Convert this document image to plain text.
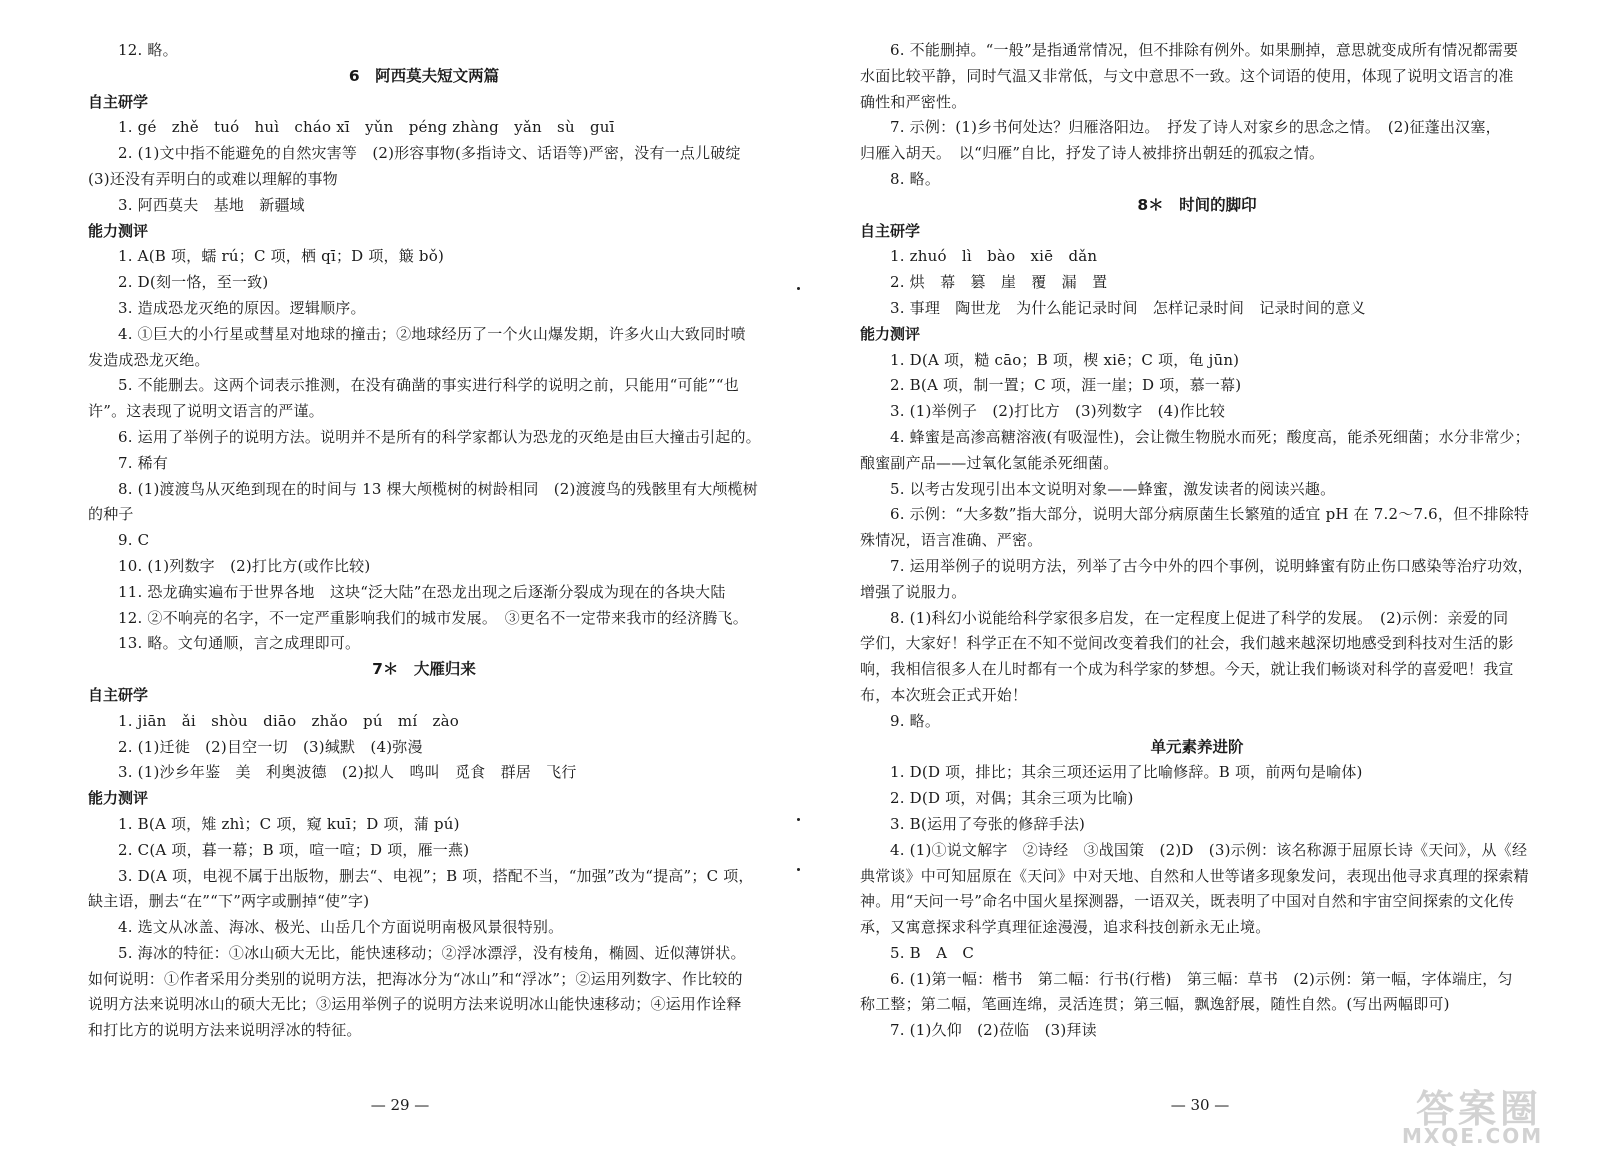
12. 略。
6　阿西莫夫短文两篇
自主研学
1. gé　zhě　tuó　huì　cháo xī　yǔn　péng zhàng　yǎn　sù　guī
2. (1)文中指不能避免的自然灾害等　(2)形容事物(多指诗文、话语等)严密，没有一点儿破绽
(3)还没有弄明白的或难以理解的事物
3. 阿西莫夫　基地　新疆域
能力测评
1. A(B 项，蠕 rú；C 项，栖 qī；D 项，簸 bǒ)
2. D(刻一恪，至一致)
3. 造成恐龙灭绝的原因。逻辑顺序。
4. ①巨大的小行星或彗星对地球的撞击；②地球经历了一个火山爆发期，许多火山大致同时喷
发造成恐龙灭绝。
5. 不能删去。这两个词表示推测，在没有确凿的事实进行科学的说明之前，只能用“可能”“也
许”。这表现了说明文语言的严谨。
6. 运用了举例子的说明方法。说明并不是所有的科学家都认为恐龙的灭绝是由巨大撞击引起的。
7. 稀有
8. (1)渡渡鸟从灭绝到现在的时间与 13 棵大颅榄树的树龄相同　(2)渡渡鸟的残骸里有大颅榄树
的种子
9. C
10. (1)列数字　(2)打比方(或作比较)
11. 恐龙确实遍布于世界各地　这块“泛大陆”在恐龙出现之后逐渐分裂成为现在的各块大陆
12. ②不响亮的名字，不一定严重影响我们的城市发展。　③更名不一定带来我市的经济腾飞。
13. 略。文句通顺，言之成理即可。
7＊　大雁归来
自主研学
1. jiān　ǎi　shòu　diāo　zhǎo　pú　mí　zào
2. (1)迁徙　(2)目空一切　(3)缄默　(4)弥漫
3. (1)沙乡年鉴　美　利奥波德　(2)拟人　鸣叫　觅食　群居　飞行
能力测评
1. B(A 项，雉 zhì；C 项，窥 kuī；D 项，蒲 pú)
2. C(A 项，暮一幕；B 项，喧一喧；D 项，雁一燕)
3. D(A 项，电视不属于出版物，删去“、电视”；B 项，搭配不当，“加强”改为“提高”；C 项，
缺主语，删去“在”“下”两字或删掉“使”字)
4. 选文从冰盖、海冰、极光、山岳几个方面说明南极风景很特别。
5. 海冰的特征：①冰山硕大无比，能快速移动；②浮冰漂浮，没有棱角，椭圆、近似薄饼状。
如何说明：①作者采用分类别的说明方法，把海冰分为“冰山”和“浮冰”；②运用列数字、作比较的
说明方法来说明冰山的硕大无比；③运用举例子的说明方法来说明冰山能快速移动；④运用作诠释
和打比方的说明方法来说明浮冰的特征。
— 29 —
6. 不能删掉。“一般”是指通常情况，但不排除有例外。如果删掉，意思就变成所有情况都需要
水面比较平静，同时气温又非常低，与文中意思不一致。这个词语的使用，体现了说明文语言的准
确性和严密性。
7. 示例：(1)乡书何处达？归雁洛阳边。　抒发了诗人对家乡的思念之情。　(2)征蓬出汉塞，
归雁入胡天。　以“归雁”自比，抒发了诗人被排挤出朝廷的孤寂之情。
8. 略。
8＊　时间的脚印
自主研学
1. zhuó　lì　bào　xiē　dǎn
2. 烘　幕　篡　崖　覆　漏　置
3. 事理　陶世龙　为什么能记录时间　怎样记录时间　记录时间的意义
能力测评
1. D(A 项，糙 cāo；B 项，楔 xiē；C 项，龟 jūn)
2. B(A 项，制一置；C 项，涯一崖；D 项，慕一幕)
3. (1)举例子　(2)打比方　(3)列数字　(4)作比较
4. 蜂蜜是高渗高糖溶液(有吸湿性)，会让微生物脱水而死；酸度高，能杀死细菌；水分非常少；
酿蜜副产品——过氧化氢能杀死细菌。
5. 以考古发现引出本文说明对象——蜂蜜，激发读者的阅读兴趣。
6. 示例：“大多数”指大部分，说明大部分病原菌生长繁殖的适宜 pH 在 7.2～7.6，但不排除特
殊情况，语言准确、严密。
7. 运用举例子的说明方法，列举了古今中外的四个事例，说明蜂蜜有防止伤口感染等治疗功效，
增强了说服力。
8. (1)科幻小说能给科学家很多启发，在一定程度上促进了科学的发展。　(2)示例：亲爱的同
学们，大家好！科学正在不知不觉间改变着我们的社会，我们越来越深切地感受到科技对生活的影
响，我相信很多人在儿时都有一个成为科学家的梦想。今天，就让我们畅谈对科学的喜爱吧！我宣
布，本次班会正式开始！
9. 略。
单元素养进阶
1. D(D 项，排比；其余三项还运用了比喻修辞。B 项，前两句是喻体)
2. D(D 项，对偶；其余三项为比喻)
3. B(运用了夸张的修辞手法)
4. (1)①说文解字　②诗经　③战国策　(2)D　(3)示例：该名称源于屈原长诗《天问》，从《经
典常谈》中可知屈原在《天问》中对天地、自然和人世等诸多现象发问，表现出他寻求真理的探索精
神。用“天问一号”命名中国火星探测器，一语双关，既表明了中国对自然和宇宙空间探索的文化传
承，又寓意探求科学真理征途漫漫，追求科技创新永无止境。
5. B　A　C
6. (1)第一幅：楷书　第二幅：行书(行楷)　第三幅：草书　(2)示例：第一幅，字体端庄，匀
称工整；第二幅，笔画连绵，灵活连贯；第三幅，飘逸舒展，随性自然。(写出两幅即可)
7. (1)久仰　(2)莅临　(3)拜读
— 30 —	答案圈
MXQE.COM
